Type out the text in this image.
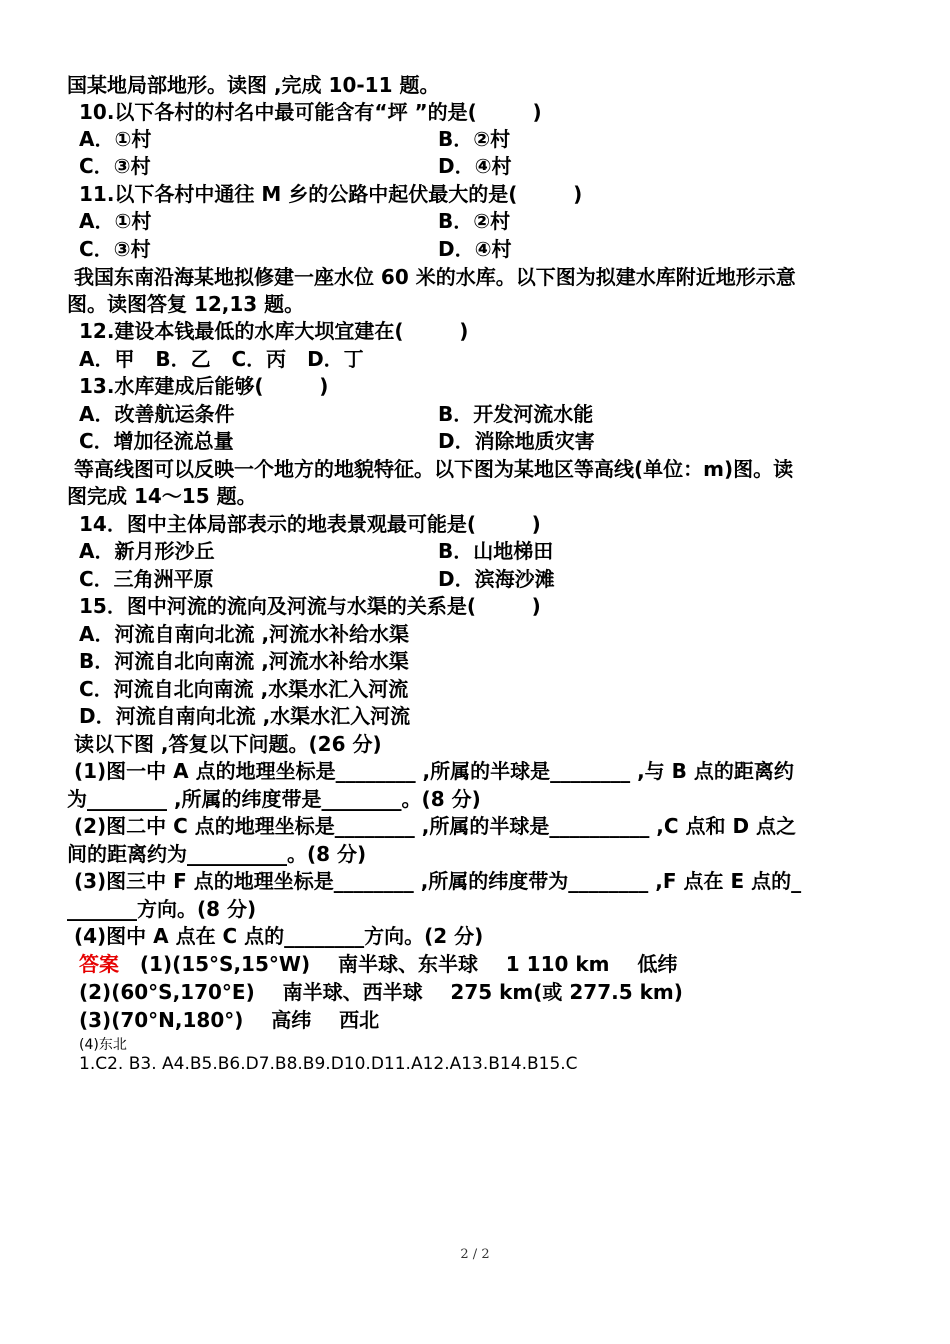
国某地局部地形。读图 ,完成 10-11 题。
10.以下各村的村名中最可能含有“坪 ”的是(        )
A．①村	B．②村
C．③村	D．④村
11.以下各村中通往 M 乡的公路中起伏最大的是(        )
A．①村	B．②村
C．③村	D．④村
我国东南沿海某地拟修建一座水位 60 米的水库。以下图为拟建水库附近地形示意
图。读图答复 12,13 题。
12.建设本钱最低的水库大坝宜建在(        )
A．甲   B．乙   C．丙   D．丁
13.水库建成后能够(        )
A．改善航运条件	B．开发河流水能
C．增加径流总量	D．消除地质灾害
等高线图可以反映一个地方的地貌特征。以下图为某地区等高线(单位：m)图。读
图完成 14～15 题。
14．图中主体局部表示的地表景观最可能是(        )
A．新月形沙丘	B．山地梯田
C．三角洲平原	D．滨海沙滩
15．图中河流的流向及河流与水渠的关系是(        )
A．河流自南向北流 ,河流水补给水渠
B．河流自北向南流 ,河流水补给水渠
C．河流自北向南流 ,水渠水汇入河流
D．河流自南向北流 ,水渠水汇入河流
读以下图 ,答复以下问题。(26 分)
(1)图一中 A 点的地理坐标是________ ,所属的半球是________ ,与 B 点的距离约
为________ ,所属的纬度带是________。(8 分)
(2)图二中 C 点的地理坐标是________ ,所属的半球是__________ ,C 点和 D 点之
间的距离约为__________。(8 分)
(3)图三中 F 点的地理坐标是________ ,所属的纬度带为________ ,F 点在 E 点的_
_______方向。(8 分)
(4)图中 A 点在 C 点的________方向。(2 分)
答案   (1)(15°S,15°W)    南半球、东半球    1 110 km    低纬
(2)(60°S,170°E)    南半球、西半球    275 km(或 277.5 km)
(3)(70°N,180°)    高纬    西北
(4)东北
1.C2. B3. A4.B5.B6.D7.B8.B9.D10.D11.A12.A13.B14.B15.C
2 / 2
